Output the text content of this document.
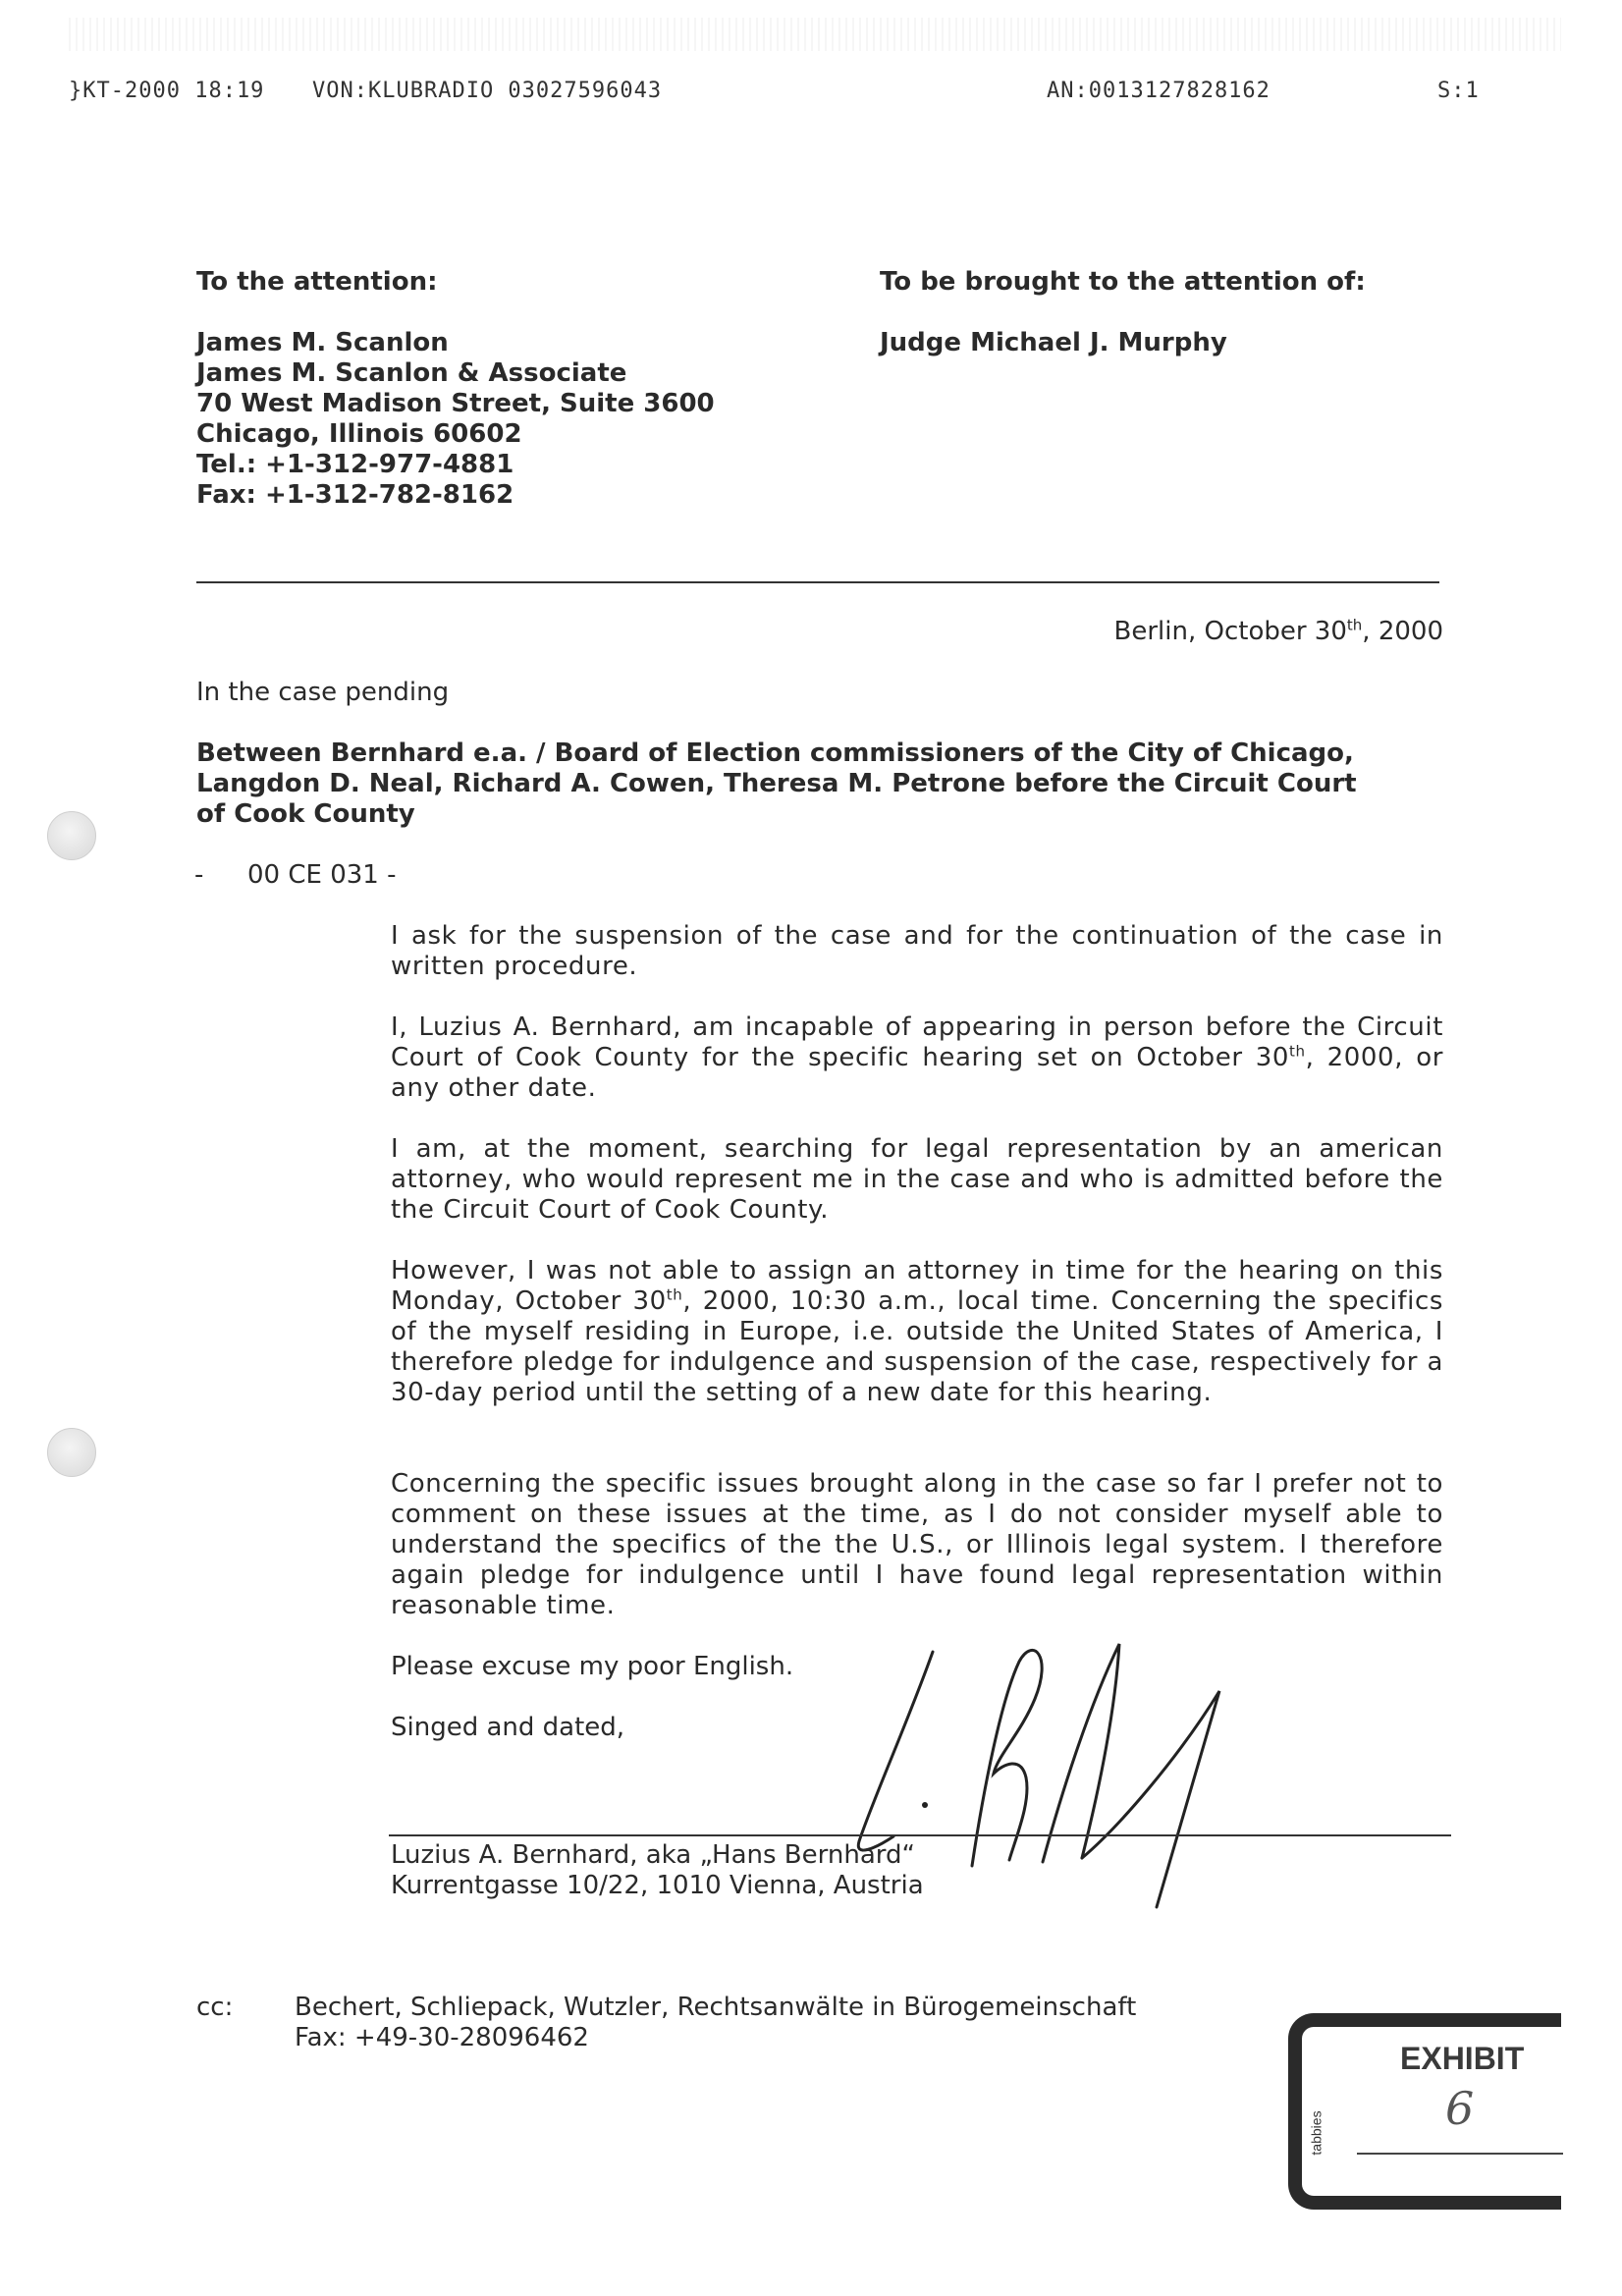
}KT-2000 18:19 VON:KLUBRADIO 03027596043	AN:0013127828162	S:1
To the attention:
James M. Scanlon
James M. Scanlon & Associate
70 West Madison Street, Suite 3600
Chicago, Illinois 60602
Tel.: +1-312-977-4881
Fax: +1-312-782-8162
To be brought to the attention of:
Judge Michael J. Murphy
Berlin, October 30th, 2000
In the case pending
Between Bernhard e.a. / Board of Election commissioners of the City of Chicago,
Langdon D. Neal, Richard A. Cowen, Theresa M. Petrone before the Circuit Court
of Cook County
- 00 CE 031 -
I ask for the suspension of the case and for the continuation of the case in written procedure.
I, Luzius A. Bernhard, am incapable of appearing in person before the Circuit Court of Cook County for the specific hearing set on October 30th, 2000, or any other date.
I am, at the moment, searching for legal representation by an american attorney, who would represent me in the case and who is admitted before the the Circuit Court of Cook County.
However, I was not able to assign an attorney in time for the hearing on this Monday, October 30th, 2000, 10:30 a.m., local time. Concerning the specifics of the myself residing in Europe, i.e. outside the United States of America, I therefore pledge for indulgence and suspension of the case, respectively for a 30-day period until the setting of a new date for this hearing.
Concerning the specific issues brought along in the case so far I prefer not to comment on these issues at the time, as I do not consider myself able to understand the specifics of the the U.S., or Illinois legal system. I therefore again pledge for indulgence until I have found legal representation within reasonable time.
Please excuse my poor English.
Singed and dated,
Luzius A. Bernhard, aka „Hans Bernhard“
Kurrentgasse 10/22, 1010 Vienna, Austria
cc: Bechert, Schliepack, Wutzler, Rechtsanwälte in Bürogemeinschaft
Fax: +49-30-28096462
EXHIBIT
tabbies	6
